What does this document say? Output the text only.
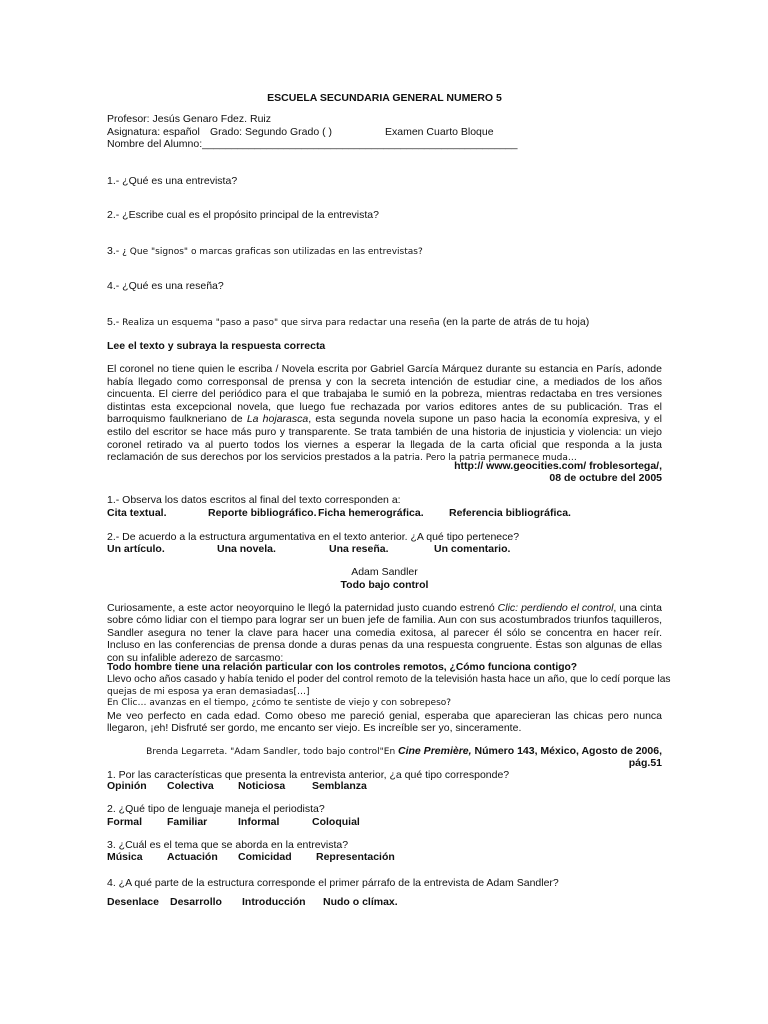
ESCUELA SECUNDARIA GENERAL NUMERO 5
Profesor: Jesús Genaro Fdez. Ruiz
Asignatura: español Grado: Segundo Grado ( )	Examen Cuarto Bloque
Nombre del Alumno:______________________________________________________
1.- ¿Qué es una entrevista?
2.- ¿Escribe cual es el propósito principal de la entrevista?
3.- ¿ Que "signos" o marcas graficas son utilizadas en las entrevistas?
4.- ¿Qué es una reseña?
5.- Realiza un esquema "paso a paso" que sirva para redactar una reseña (en la parte de atrás de tu hoja)
Lee el texto y subraya la respuesta correcta
El coronel no tiene quien le escriba / Novela escrita por Gabriel García Márquez durante su estancia en París, adonde había llegado como corresponsal de prensa y con la secreta intención de estudiar cine, a mediados de los años cincuenta. El cierre del periódico para el que trabajaba le sumió en la pobreza, mientras redactaba en tres versiones distintas esta excepcional novela, que luego fue rechazada por varios editores antes de su publicación. Tras el barroquismo faulkneriano de La hojarasca, esta segunda novela supone un paso hacia la economía expresiva, y el estilo del escritor se hace más puro y transparente. Se trata también de una historia de injusticia y violencia: un viejo coronel retirado va al puerto todos los viernes a esperar la llegada de la carta oficial que responda a la justa reclamación de sus derechos por los servicios prestados a la patria. Pero la patria permanece muda…
http:// www.geocities.com/ froblesortega/,
08 de octubre del 2005
1.- Observa los datos escritos al final del texto corresponden a:
Cita textual.	Reporte bibliográfico. Ficha hemerográfica. Referencia bibliográfica.
2.- De acuerdo a la estructura argumentativa en el texto anterior. ¿A qué tipo pertenece?
Un artículo.	Una novela.	Una reseña.	Un comentario.
Adam Sandler
Todo bajo control
Curiosamente, a este actor neoyorquino le llegó la paternidad justo cuando estrenó Clic: perdiendo el control, una cinta sobre cómo lidiar con el tiempo para lograr ser un buen jefe de familia. Aun con sus acostumbrados triunfos taquilleros, Sandler asegura no tener la clave para hacer una comedia exitosa, al parecer él sólo se concentra en hacer reír. Incluso en las conferencias de prensa donde a duras penas da una respuesta congruente. Éstas son algunas de ellas con su infalible aderezo de sarcasmo:
Todo hombre tiene una relación particular con los controles remotos, ¿Cómo funciona contigo?
Llevo ocho años casado y había tenido el poder del control remoto de la televisión hasta hace un año, que lo cedí porque las
quejas de mi esposa ya eran demasiadas[…]
En Clic… avanzas en el tiempo, ¿cómo te sentiste de viejo y con sobrepeso?
Me veo perfecto en cada edad. Como obeso me pareció genial, esperaba que aparecieran las chicas pero nunca llegaron, ¡eh! Disfruté ser gordo, me encanto ser viejo. Es increíble ser yo, sinceramente.
Brenda Legarreta. "Adam Sandler, todo bajo control"En Cine Première, Número 143, México, Agosto de 2006,
pág.51
1. Por las características que presenta la entrevista anterior, ¿a qué tipo corresponde?
Opinión Colectiva Noticiosa	Semblanza
2. ¿Qué tipo de lenguaje maneja el periodista?
Formal Familiar	Informal	Coloquial
3. ¿Cuál es el tema que se aborda en la entrevista?
Música Actuación Comicidad Representación
4. ¿A qué parte de la estructura corresponde el primer párrafo de la entrevista de Adam Sandler?
Desenlace Desarrollo Introducción Nudo o clímax.
